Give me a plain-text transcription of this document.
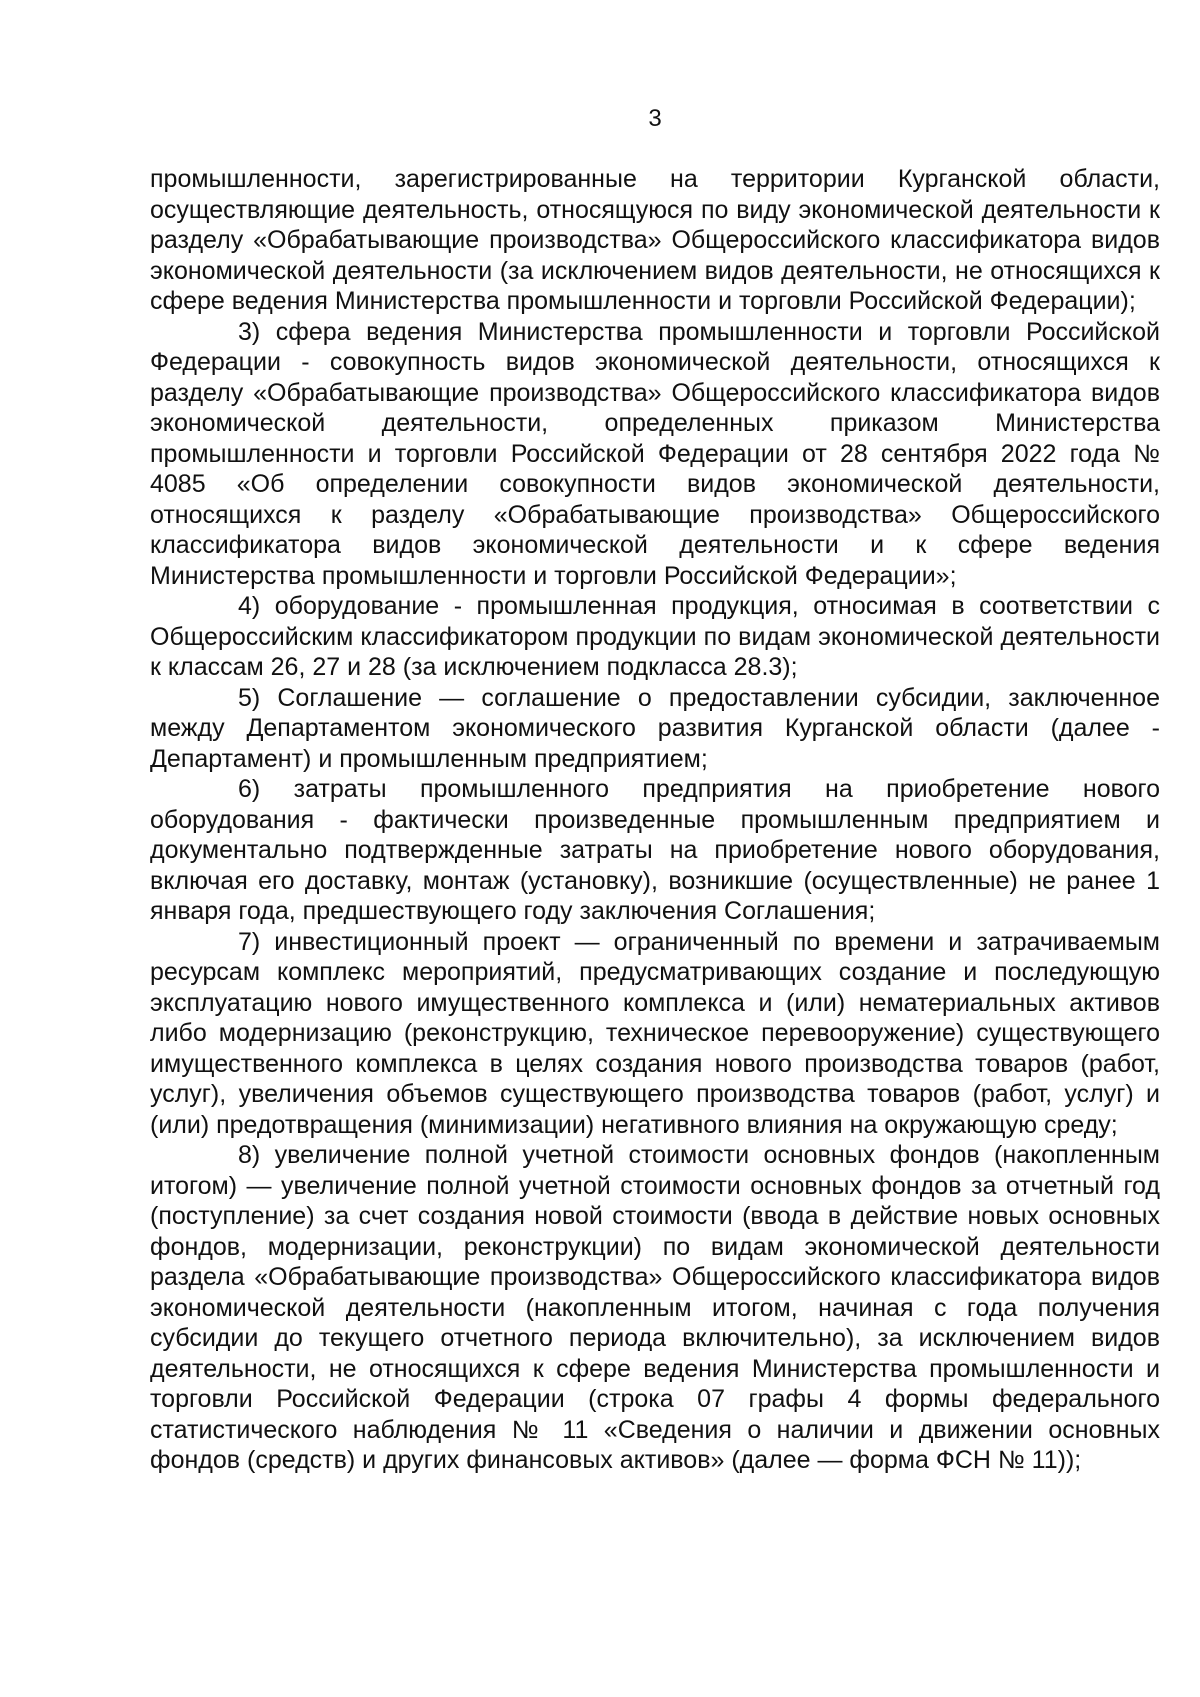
3

промышленности, зарегистрированные на территории Курганской области, осуществляющие деятельность, относящуюся по виду экономической деятельности к разделу «Обрабатывающие производства» Общероссийского классификатора видов экономической деятельности (за исключением видов деятельности, не относящихся к сфере ведения Министерства промышленности и торговли Российской Федерации);

3) сфера ведения Министерства промышленности и торговли Российской Федерации - совокупность видов экономической деятельности, относящихся к разделу «Обрабатывающие производства» Общероссийского классификатора видов экономической деятельности, определенных приказом Министерства промышленности и торговли Российской Федерации от 28 сентября 2022 года № 4085 «Об определении совокупности видов экономической деятельности, относящихся к разделу «Обрабатывающие производства» Общероссийского классификатора видов экономической деятельности и к сфере ведения Министерства промышленности и торговли Российской Федерации»;

4) оборудование - промышленная продукция, относимая в соответствии с Общероссийским классификатором продукции по видам экономической деятельности к классам 26, 27 и 28 (за исключением подкласса 28.3);

5) Соглашение — соглашение о предоставлении субсидии, заключенное между Департаментом экономического развития Курганской области (далее - Департамент) и промышленным предприятием;

6) затраты промышленного предприятия на приобретение нового оборудования - фактически произведенные промышленным предприятием и документально подтвержденные затраты на приобретение нового оборудования, включая его доставку, монтаж (установку), возникшие (осуществленные) не ранее 1 января года, предшествующего году заключения Соглашения;

7) инвестиционный проект — ограниченный по времени и затрачиваемым ресурсам комплекс мероприятий, предусматривающих создание и последующую эксплуатацию нового имущественного комплекса и (или) нематериальных активов либо модернизацию (реконструкцию, техническое перевооружение) существующего имущественного комплекса в целях создания нового производства товаров (работ, услуг), увеличения объемов существующего производства товаров (работ, услуг) и (или) предотвращения (минимизации) негативного влияния на окружающую среду;

8) увеличение полной учетной стоимости основных фондов (накопленным итогом) — увеличение полной учетной стоимости основных фондов за отчетный год (поступление) за счет создания новой стоимости (ввода в действие новых основных фондов, модернизации, реконструкции) по видам экономической деятельности раздела «Обрабатывающие производства» Общероссийского классификатора видов экономической деятельности (накопленным итогом, начиная с года получения субсидии до текущего отчетного периода включительно), за исключением видов деятельности, не относящихся к сфере ведения Министерства промышленности и торговли Российской Федерации (строка 07 графы 4 формы федерального статистического наблюдения № 11 «Сведения о наличии и движении основных фондов (средств) и других финансовых активов» (далее — форма ФСН № 11));
